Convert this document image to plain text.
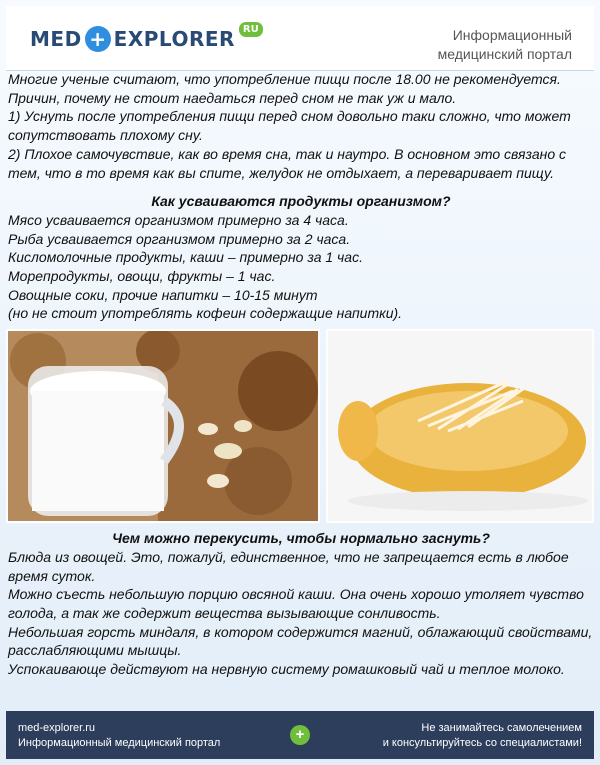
MED + EXPLORER RU	Информационный
медицинский портал

Многие ученые считают, что употребление пищи после 18.00 не рекомендуется.

Причин, почему не стоит наедаться перед сном не так уж и мало.

1) Уснуть после употребления пищи перед сном довольно таки сложно, что может сопутствовать плохому сну.

2) Плохое самочувствие, как во время сна, так и наутро. В основном это связано с тем, что в то время как вы спите, желудок не отдыхает, а переваривает пищу.

Как усваиваются продукты организмом?

Мясо усваивается организмом примерно за 4 часа.

Рыба усваивается организмом примерно за 2 часа.

Кисломолочные продукты, каши – примерно за 1 час.

Морепродукты, овощи, фрукты – 1 час.

Овощные соки, прочие напитки – 10-15 минут

(но не стоит употреблять кофеин содержащие напитки).

Чем можно перекусить, чтобы нормально заснуть?

Блюда из овощей. Это, пожалуй, единственное, что не запрещается есть в любое время суток.

Можно съесть небольшую порцию овсяной каши. Она очень хорошо утоляет чувство голода, а так же содержит вещества вызывающие сонливость.

Небольшая горсть миндаля, в котором содержится магний, облажающий свойствами, расслабляющими мышцы.

Успокаивающе действуют на нервную систему ромашковый чай и теплое молоко.

med-explorer.ru
Информационный медицинский портал	+	Не занимайтесь самолечением
и консультируйтесь со специалистами!
